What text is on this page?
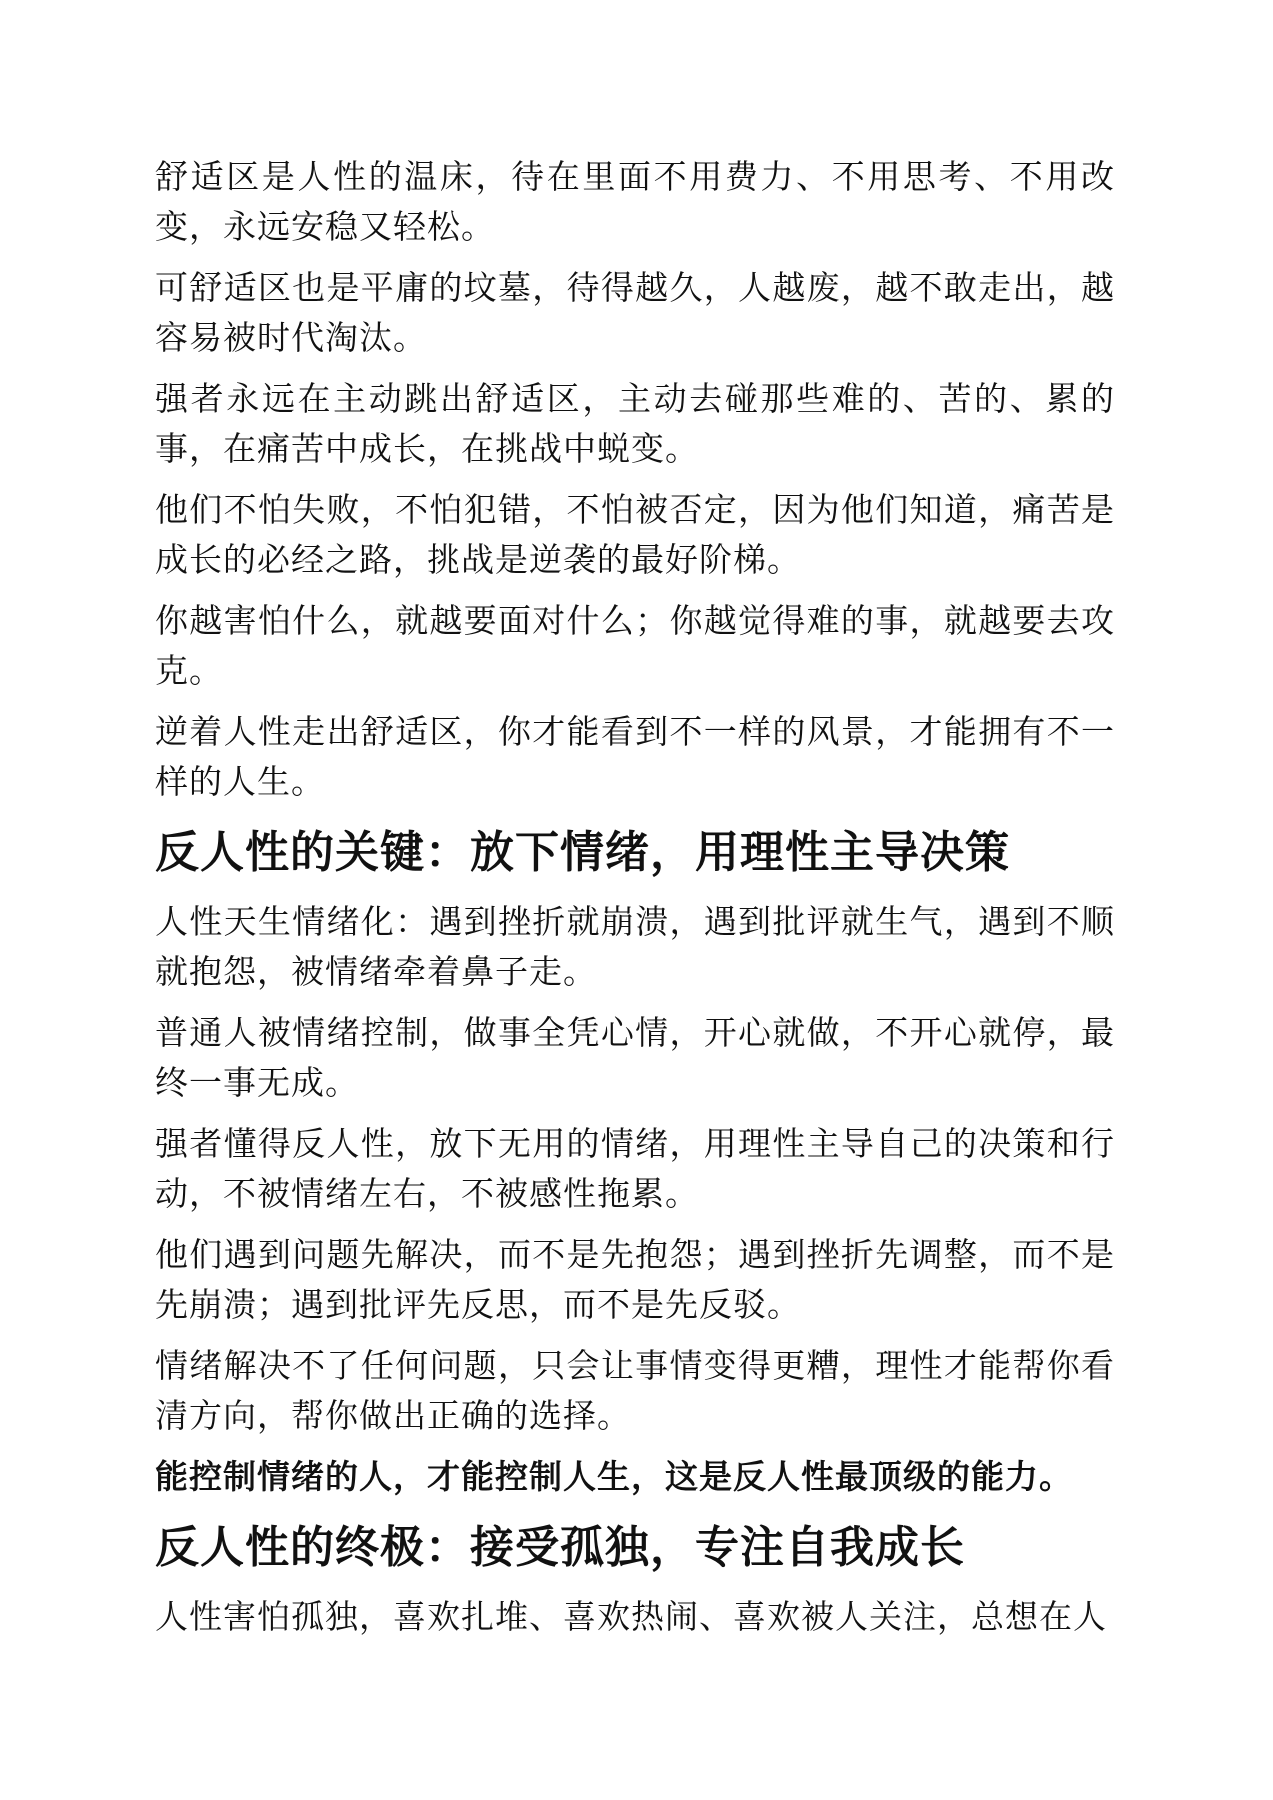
舒适区是人性的温床，待在里面不用费力、不用思考、不用改变，永远安稳又轻松。

可舒适区也是平庸的坟墓，待得越久，人越废，越不敢走出，越容易被时代淘汰。

强者永远在主动跳出舒适区，主动去碰那些难的、苦的、累的事，在痛苦中成长，在挑战中蜕变。

他们不怕失败，不怕犯错，不怕被否定，因为他们知道，痛苦是成长的必经之路，挑战是逆袭的最好阶梯。

你越害怕什么，就越要面对什么；你越觉得难的事，就越要去攻克。

逆着人性走出舒适区，你才能看到不一样的风景，才能拥有不一样的人生。

反人性的关键：放下情绪，用理性主导决策

人性天生情绪化：遇到挫折就崩溃，遇到批评就生气，遇到不顺就抱怨，被情绪牵着鼻子走。

普通人被情绪控制，做事全凭心情，开心就做，不开心就停，最终一事无成。

强者懂得反人性，放下无用的情绪，用理性主导自己的决策和行动，不被情绪左右，不被感性拖累。

他们遇到问题先解决，而不是先抱怨；遇到挫折先调整，而不是先崩溃；遇到批评先反思，而不是先反驳。

情绪解决不了任何问题，只会让事情变得更糟，理性才能帮你看清方向，帮你做出正确的选择。

能控制情绪的人，才能控制人生，这是反人性最顶级的能力。

反人性的终极：接受孤独，专注自我成长

人性害怕孤独，喜欢扎堆、喜欢热闹、喜欢被人关注，总想在人
